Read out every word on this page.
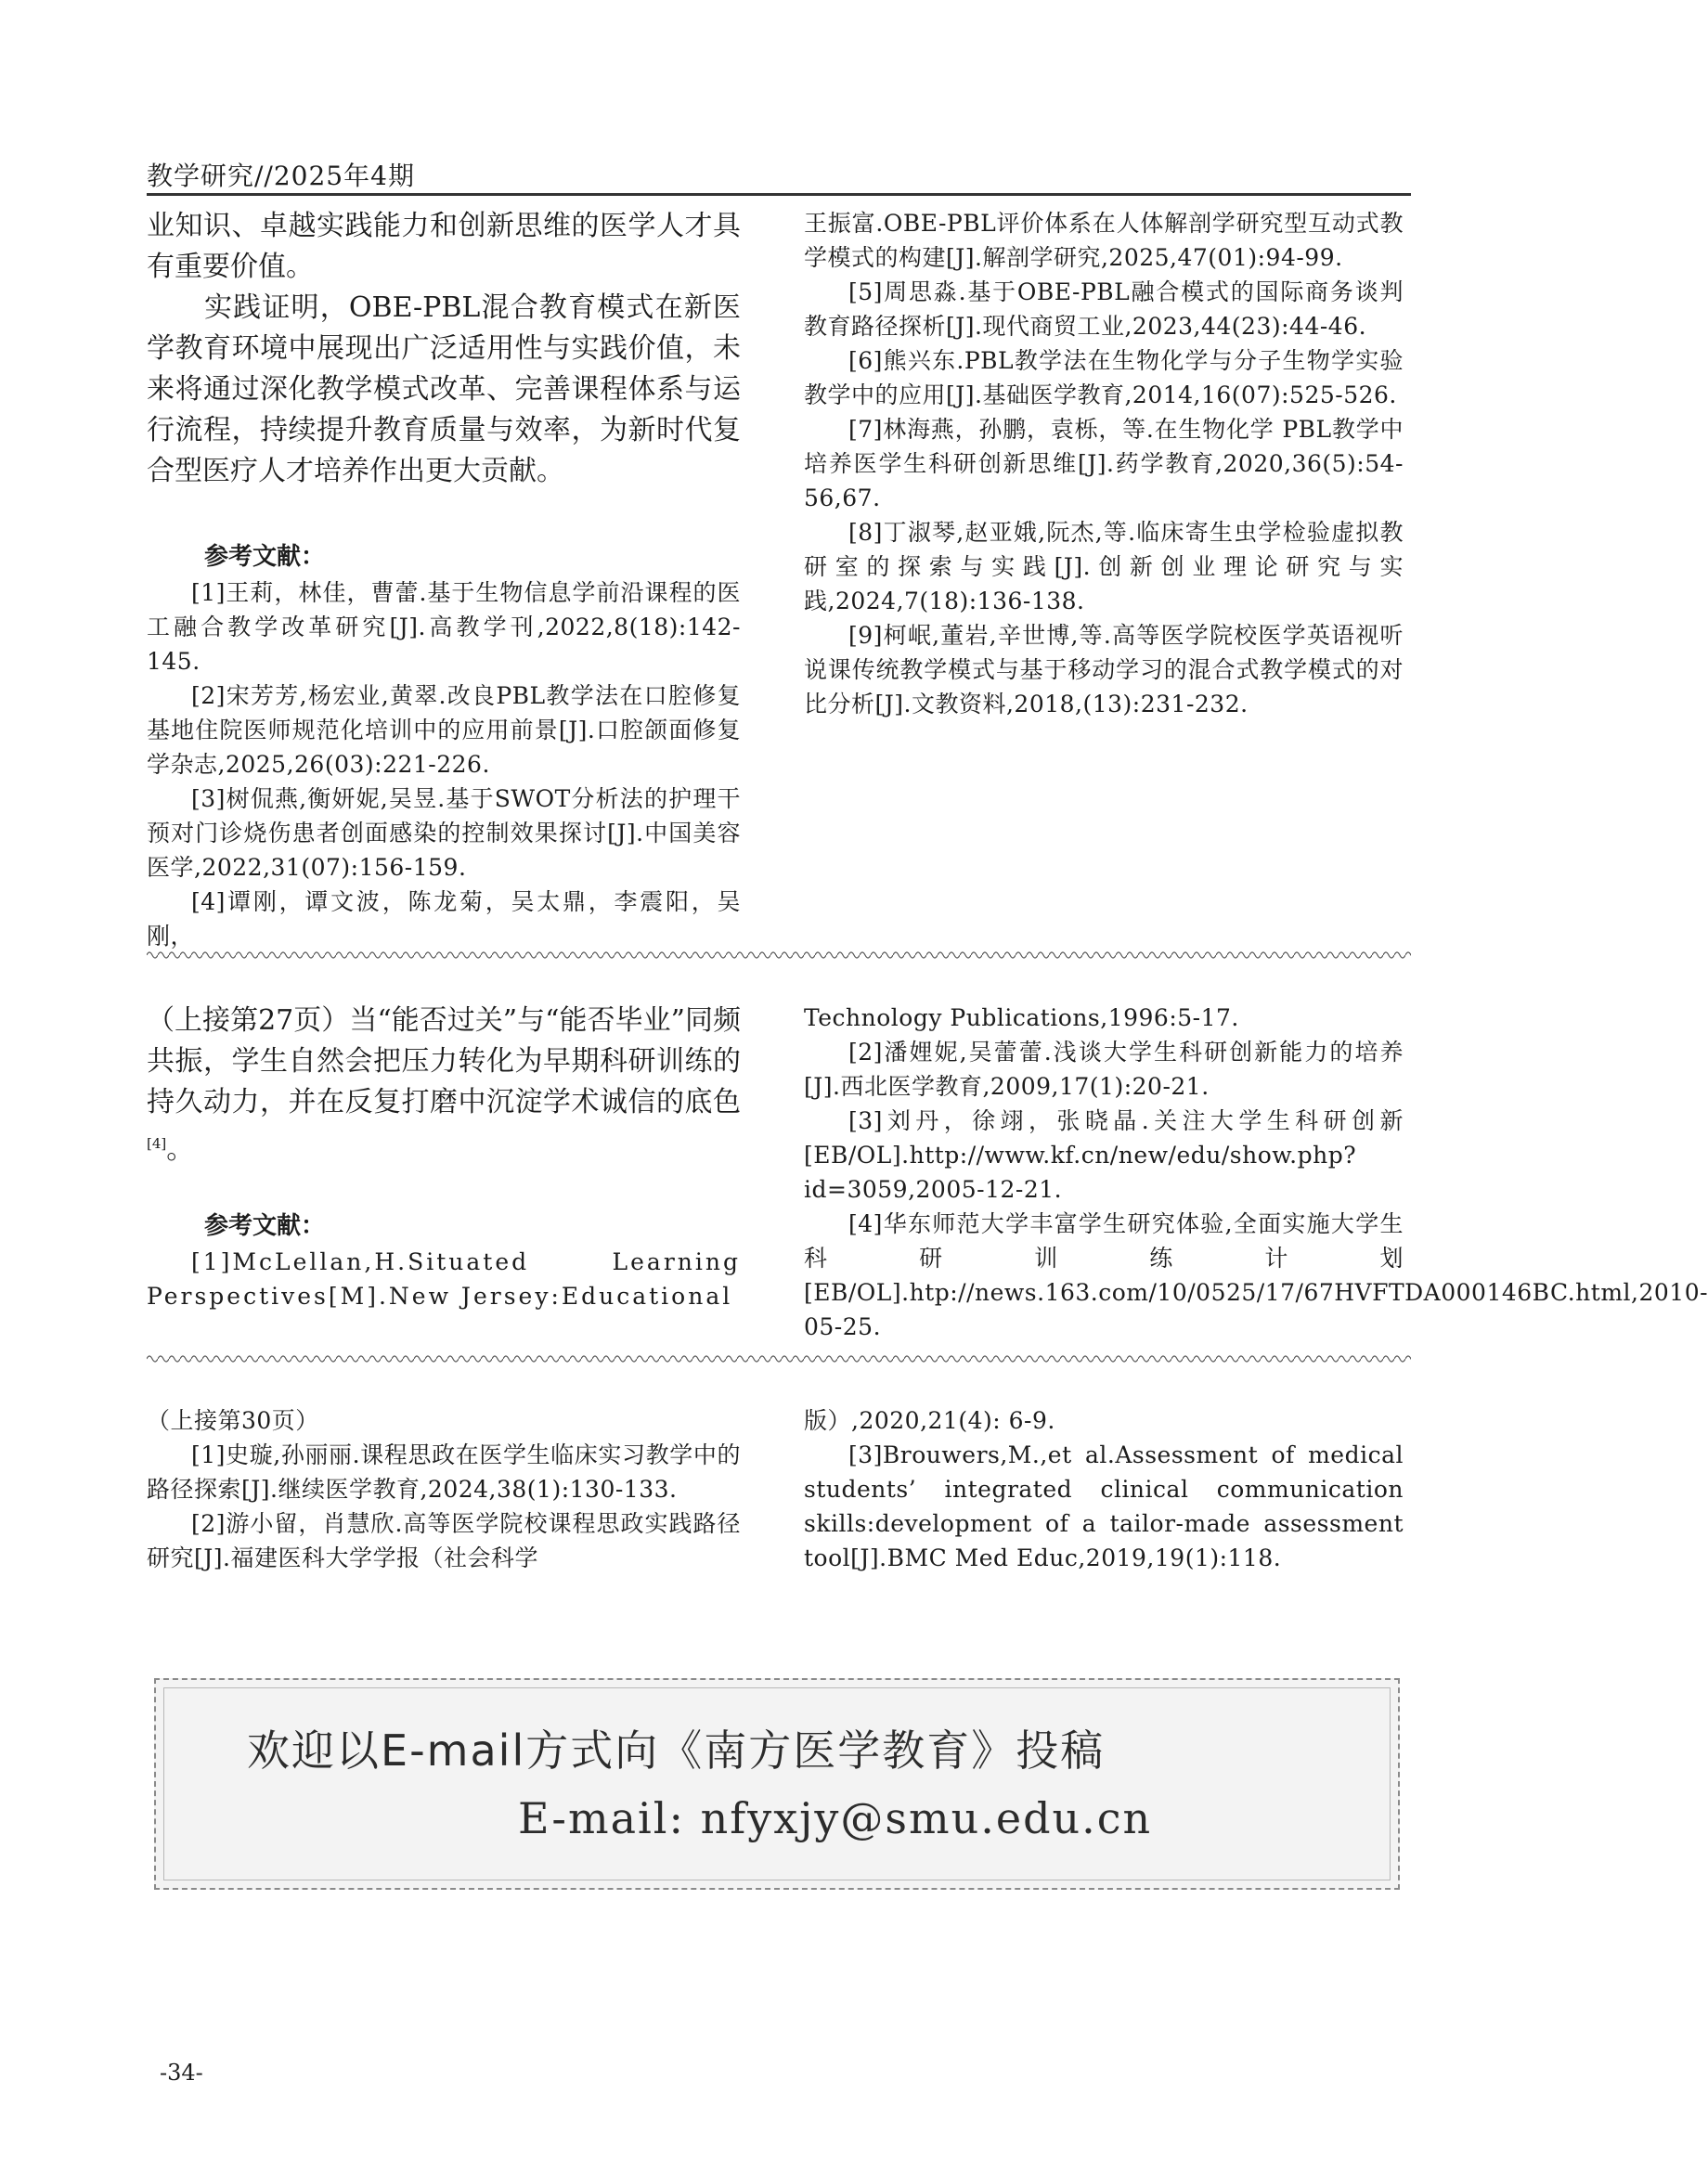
教学研究//2025年4期

业知识、卓越实践能力和创新思维的医学人才具有重要价值。

实践证明，OBE-PBL混合教育模式在新医学教育环境中展现出广泛适用性与实践价值，未来将通过深化教学模式改革、完善课程体系与运行流程，持续提升教育质量与效率，为新时代复合型医疗人才培养作出更大贡献。

参考文献：

[1]王莉，林佳，曹蕾.基于生物信息学前沿课程的医工融合教学改革研究[J].高教学刊,2022,8(18):142-145.

[2]宋芳芳,杨宏业,黄翠.改良PBL教学法在口腔修复基地住院医师规范化培训中的应用前景[J].口腔颌面修复学杂志,2025,26(03):221-226.

[3]树侃燕,衡妍妮,吴昱.基于SWOT分析法的护理干预对门诊烧伤患者创面感染的控制效果探讨[J].中国美容医学,2022,31(07):156-159.

[4]谭刚，谭文波，陈龙菊，吴太鼎，李震阳，吴刚，

王振富.OBE-PBL评价体系在人体解剖学研究型互动式教学模式的构建[J].解剖学研究,2025,47(01):94-99.

[5]周思淼.基于OBE-PBL融合模式的国际商务谈判教育路径探析[J].现代商贸工业,2023,44(23):44-46.

[6]熊兴东.PBL教学法在生物化学与分子生物学实验教学中的应用[J].基础医学教育,2014,16(07):525-526.

[7]林海燕，孙鹏，袁栎，等.在生物化学 PBL教学中培养医学生科研创新思维[J].药学教育,2020,36(5):54-56,67.

[8]丁淑琴,赵亚娥,阮杰,等.临床寄生虫学检验虚拟教研室的探索与实践[J].创新创业理论研究与实践,2024,7(18):136-138.

[9]柯岷,董岩,辛世博,等.高等医学院校医学英语视听说课传统教学模式与基于移动学习的混合式教学模式的对比分析[J].文教资料,2018,(13):231-232.

（上接第27页）当“能否过关”与“能否毕业”同频共振，学生自然会把压力转化为早期科研训练的持久动力，并在反复打磨中沉淀学术诚信的底色[4]。

参考文献：

[1]McLellan,H.Situated Learning Perspectives[M].New Jersey:Educational

Technology Publications,1996:5-17.

[2]潘娌妮,吴蕾蕾.浅谈大学生科研创新能力的培养[J].西北医学教育,2009,17(1):20-21.

[3]刘丹，徐翊，张晓晶.关注大学生科研创新[EB/OL].http://www.kf.cn/new/edu/show.php?id=3059,2005-12-21.

[4]华东师范大学丰富学生研究体验,全面实施大学生科研训练计划[EB/OL].htp://news.163.com/10/0525/17/67HVFTDA000146BC.html,2010-05-25.

（上接第30页）

[1]史璇,孙丽丽.课程思政在医学生临床实习教学中的路径探索[J].继续医学教育,2024,38(1):130-133.

[2]游小留，肖慧欣.高等医学院校课程思政实践路径研究[J].福建医科大学学报（社会科学

版）,2020,21(4): 6-9.

[3]Brouwers,M.,et al.Assessment of medical students’ integrated clinical communication skills:development of a tailor-made assessment tool[J].BMC Med Educ,2019,19(1):118.

欢迎以E-mail方式向《南方医学教育》投稿
E-mail: nfyxjy@smu.edu.cn
-34-
